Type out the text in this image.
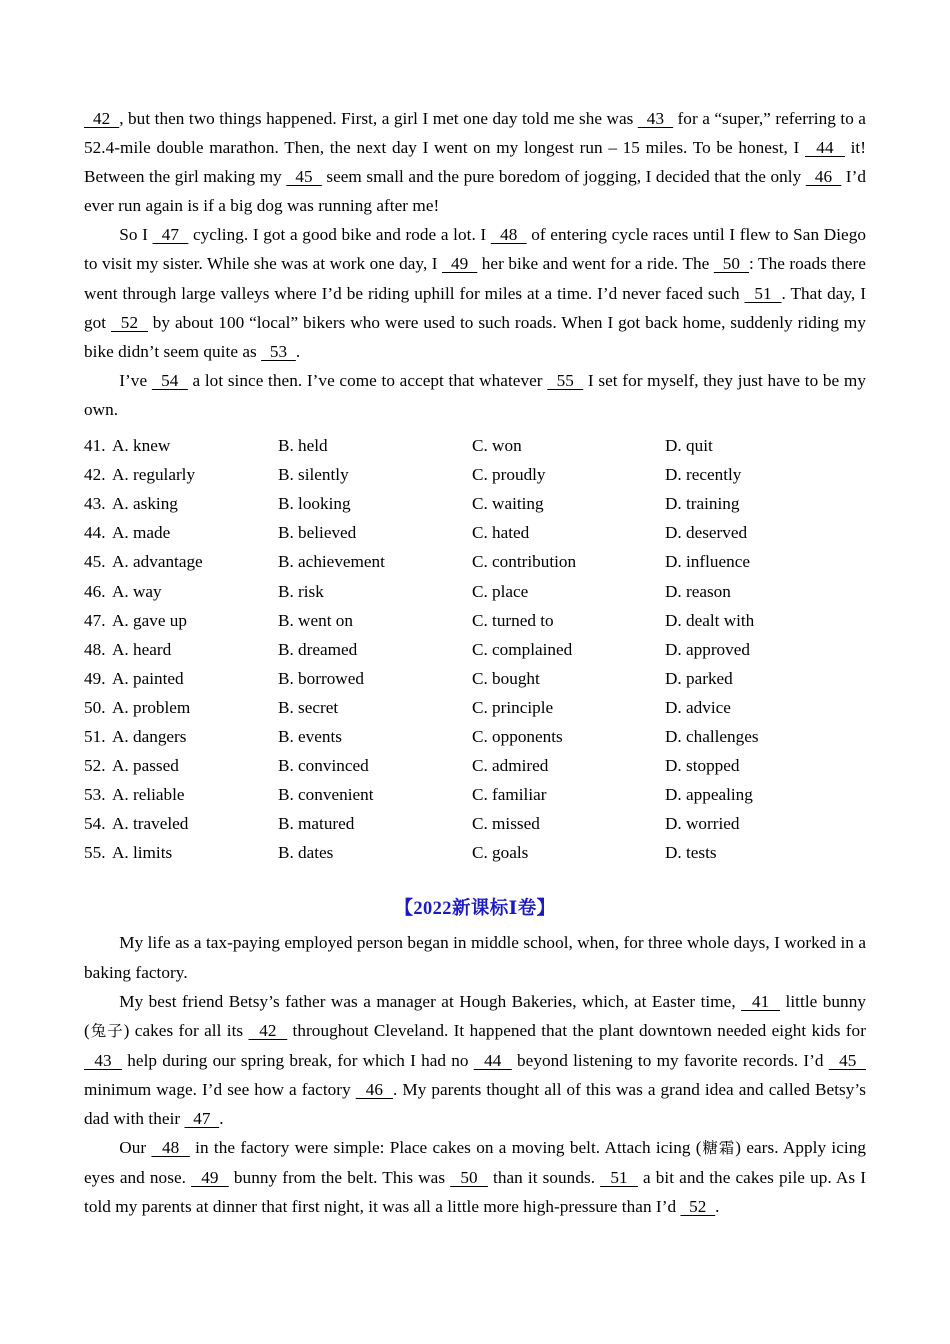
42  , but then two things happened. First, a girl I met one day told me she was   43   for a “super,” referring to a 52.4-mile double marathon. Then, the next day I went on my longest run – 15 miles. To be honest, I   44   it! Between the girl making my   45   seem small and the pure boredom of jogging, I decided that the only   46   I’d ever run again is if a big dog was running after me!

So I   47   cycling. I got a good bike and rode a lot. I   48   of entering cycle races until I flew to San Diego to visit my sister. While she was at work one day, I   49   her bike and went for a ride. The   50  : The roads there went through large valleys where I’d be riding uphill for miles at a time. I’d never faced such   51  . That day, I got   52   by about 100 “local” bikers who were used to such roads. When I got back home, suddenly riding my bike didn’t seem quite as   53  .

I’ve   54   a lot since then. I’ve come to accept that whatever   55   I set for myself, they just have to be my own.

41. A. knew	B. held	C. won	D. quit
42. A. regularly	B. silently	C. proudly	D. recently
43. A. asking	B. looking	C. waiting	D. training
44. A. made	B. believed	C. hated	D. deserved
45. A. advantage	B. achievement	C. contribution	D. influence
46. A. way	B. risk	C. place	D. reason
47. A. gave up	B. went on	C. turned to	D. dealt with
48. A. heard	B. dreamed	C. complained	D. approved
49. A. painted	B. borrowed	C. bought	D. parked
50. A. problem	B. secret	C. principle	D. advice
51. A. dangers	B. events	C. opponents	D. challenges
52. A. passed	B. convinced	C. admired	D. stopped
53. A. reliable	B. convenient	C. familiar	D. appealing
54. A. traveled	B. matured	C. missed	D. worried
55. A. limits	B. dates	C. goals	D. tests
【2022新课标Ⅰ卷】

My life as a tax-paying employed person began in middle school, when, for three whole days, I worked in a baking factory.

My best friend Betsy’s father was a manager at Hough Bakeries, which, at Easter time,   41   little bunny (兔子) cakes for all its   42   throughout Cleveland. It happened that the plant downtown needed eight kids for   43   help during our spring break, for which I had no   44   beyond listening to my favorite records. I’d   45   minimum wage. I’d see how a factory   46  . My parents thought all of this was a grand idea and called Betsy’s dad with their   47  .

Our   48   in the factory were simple: Place cakes on a moving belt. Attach icing (糖霜) ears. Apply icing eyes and nose.   49   bunny from the belt. This was   50   than it sounds.   51   a bit and the cakes pile up. As I told my parents at dinner that first night, it was all a little more high-pressure than I’d   52  .
